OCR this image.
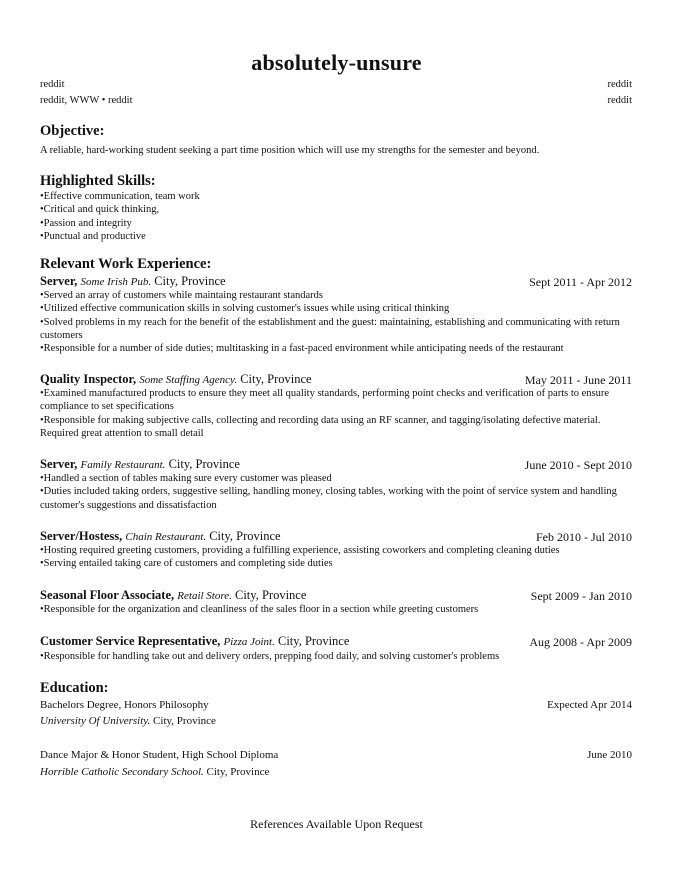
absolutely-unsure
reddit
reddit, WWW • reddit
reddit
reddit
Objective:
A reliable, hard-working student seeking a part time position which will use my strengths for the semester and beyond.
Highlighted Skills:
•Effective communication, team work
•Critical and quick thinking,
•Passion and integrity
•Punctual and productive
Relevant Work Experience:
Server, Some Irish Pub. City, Province	Sept 2011 - Apr 2012
•Served an array of customers while maintaing restaurant standards
•Utilized effective communication skills in solving customer's issues while using critical thinking
•Solved problems in my reach for the benefit of the establishment and the guest: maintaining, establishing and communicating with return customers
•Responsible for a number of side duties; multitasking in a fast-paced environment while anticipating needs of the restaurant
Quality Inspector, Some Staffing Agency. City, Province	May 2011 - June 2011
•Examined manufactured products to ensure they meet all quality standards, performing point checks and verification of parts to ensure compliance to set specifications
•Responsible for making subjective calls, collecting and recording data using an RF scanner, and tagging/isolating defective material. Required great attention to small detail
Server, Family Restaurant. City, Province	June 2010 - Sept 2010
•Handled a section of tables making sure every customer was pleased
•Duties included taking orders, suggestive selling, handling money, closing tables, working with the point of service system and handling customer's suggestions and dissatisfaction
Server/Hostess, Chain Restaurant. City, Province	Feb 2010 - Jul 2010
•Hosting required greeting customers, providing a fulfilling experience, assisting coworkers and completing cleaning duties
•Serving entailed taking care of customers and completing side duties
Seasonal Floor Associate, Retail Store. City, Province	Sept 2009 - Jan 2010
•Responsible for the organization and cleanliness of the sales floor in a section while greeting customers
Customer Service Representative, Pizza Joint. City, Province	Aug 2008 - Apr 2009
•Responsible for handling take out and delivery orders, prepping food daily, and solving customer's problems
Education:
Bachelors Degree, Honors Philosophy	Expected Apr 2014
University Of University. City, Province
Dance Major & Honor Student, High School Diploma	June 2010
Horrible Catholic Secondary School. City, Province
References Available Upon Request
